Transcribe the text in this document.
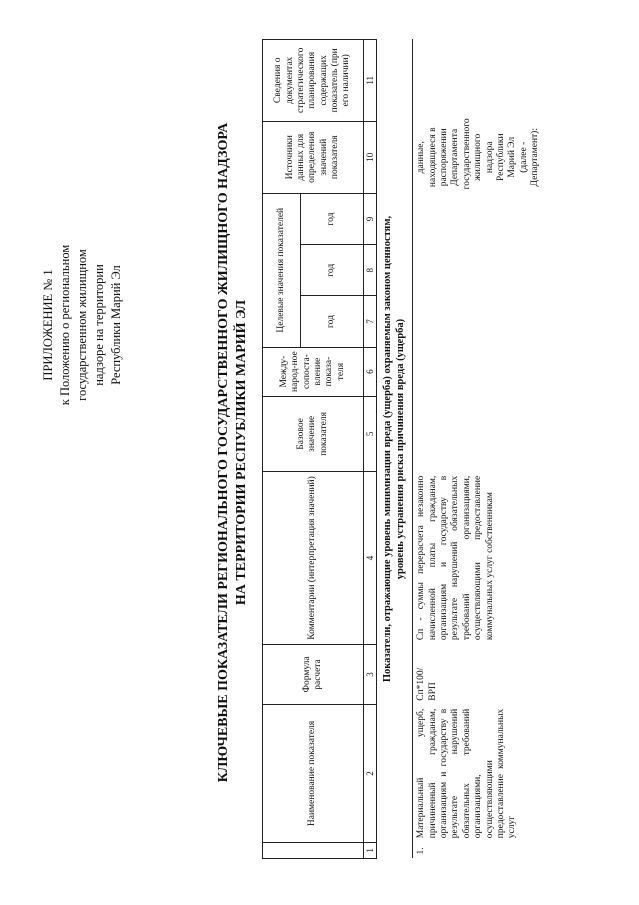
ПРИЛОЖЕНИЕ № 1 к Положению о региональном государственном жилищном надзоре на территории Республики Марий Эл	КЛЮЧЕВЫЕ ПОКАЗАТЕЛИ РЕГИОНАЛЬНОГО ГОСУДАРСТВЕННОГО ЖИЛИЩНОГО НАДЗОРА НА ТЕРРИТОРИИ РЕСПУБЛИКИ МАРИЙ ЭЛ
	Наименование показателя	Формула расчета	Комментарии (интерпретация значений)	Базовое значение показателя	Между-народ-ное сопоста-вление показа-теля	Целевые значения показателей			Источники данных для определения значений показателя	Сведения о документах стратегического планирования содержащих показатель (при его наличии)
						год	год	год		
1	2	3	4	5	6	7	8	9	10	11

Показатели, отражающие уровень минимизации вреда (ущерба) охраняемым законом ценностям, уровень устранения риска причинения вреда (ущерба)										

1.	Материальный ущерб, причиненный гражданам, организациям и государству в результате нарушений обязательных требований организациями, осуществляющими предоставление коммунальных услуг	Сп*100/ ВРП	Сп - суммы перерасчета незаконно начисленной платы гражданам, организациям и государству в результате нарушений обязательных требований организациями, осуществляющими предоставление коммунальных услуг собственникам						данные, находящиеся в распоряжении Департамента государственного жилищного надзора Республики Марий Эл (далее - Департамент):	
